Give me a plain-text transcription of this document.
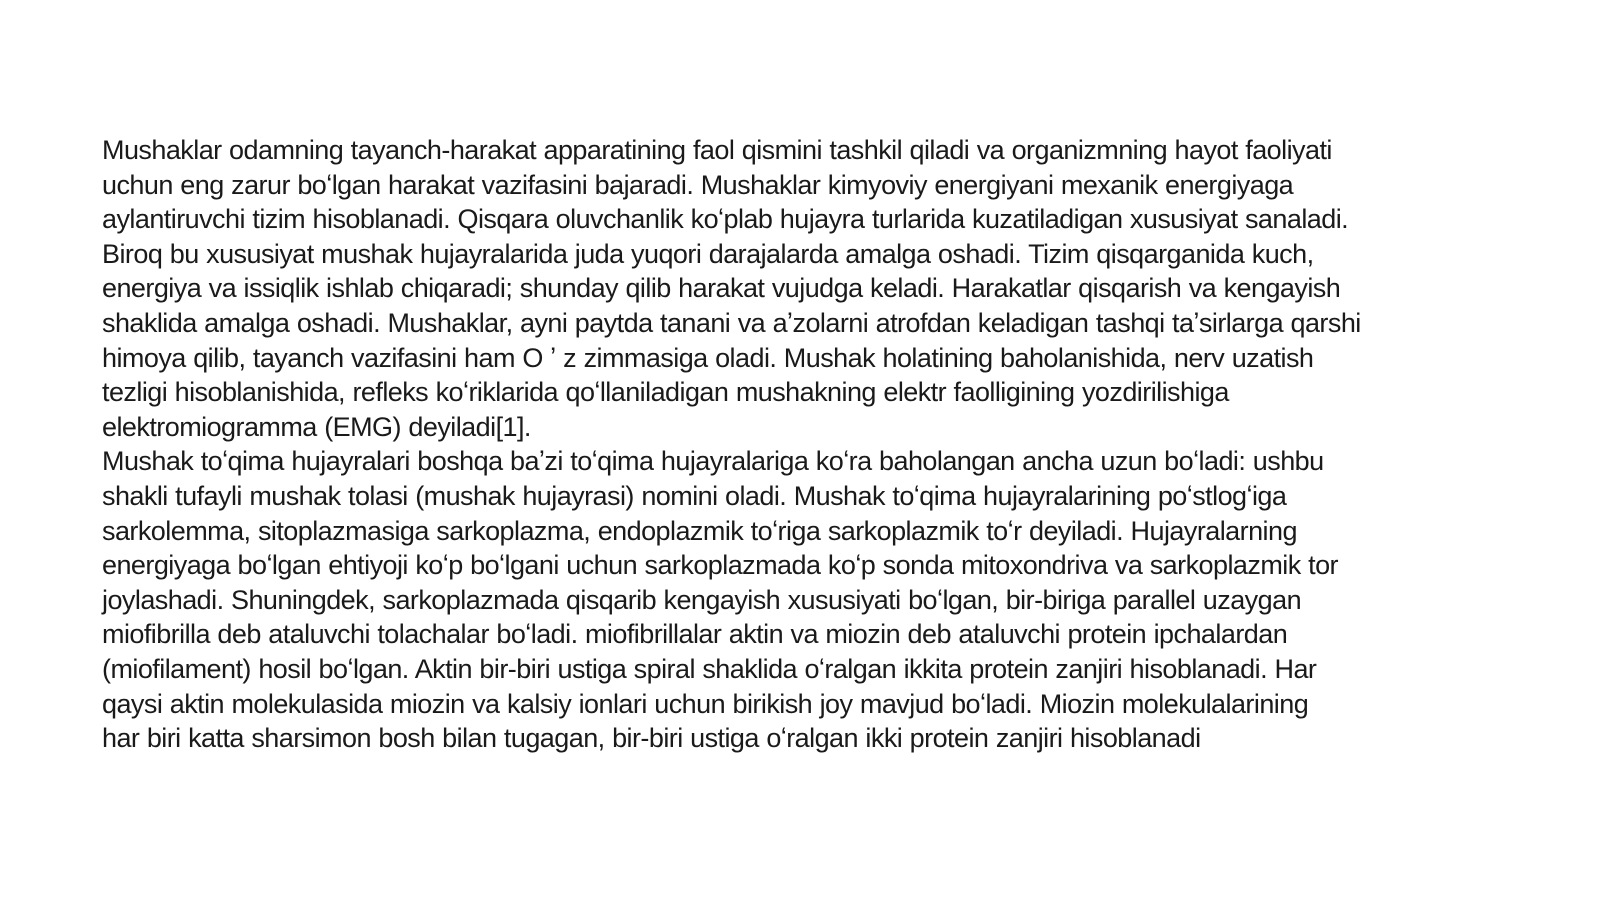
Mushaklar odamning tayanch-harakat apparatining faol qismini tashkil qiladi va organizmning hayot faoliyati
uchun eng zarur boʻlgan harakat vazifasini bajaradi. Mushaklar kimyoviy energiyani mexanik energiyaga
aylantiruvchi tizim hisoblanadi. Qisqara oluvchanlik koʻplab hujayra turlarida kuzatiladigan xususiyat sanaladi.
Biroq bu xususiyat mushak hujayralarida juda yuqori darajalarda amalga oshadi. Tizim qisqarganida kuch,
energiya va issiqlik ishlab chiqaradi; shunday qilib harakat vujudga keladi. Harakatlar qisqarish va kengayish
shaklida amalga oshadi. Mushaklar, ayni paytda tanani va aʼzolarni atrofdan keladigan tashqi taʼsirlarga qarshi
himoya qilib, tayanch vazifasini ham O ʼ z zimmasiga oladi. Mushak holatining baholanishida, nerv uzatish
tezligi hisoblanishida, refleks koʻriklarida qoʻllaniladigan mushakning elektr faolligining yozdirilishiga
elektromiogramma (EMG) deyiladi[1].
Mushak toʻqima hujayralari boshqa baʼzi toʻqima hujayralariga koʻra baholangan ancha uzun boʻladi: ushbu
shakli tufayli mushak tolasi (mushak hujayrasi) nomini oladi. Mushak toʻqima hujayralarining poʻstlogʻiga
sarkolemma, sitoplazmasiga sarkoplazma, endoplazmik toʻriga sarkoplazmik toʻr deyiladi. Hujayralarning
energiyaga boʻlgan ehtiyoji koʻp boʻlgani uchun sarkoplazmada koʻp sonda mitoxondriva va sarkoplazmik tor
joylashadi. Shuningdek, sarkoplazmada qisqarib kengayish xususiyati boʻlgan, bir-biriga parallel uzaygan
miofibrilla deb ataluvchi tolachalar boʻladi. miofibrillalar aktin va miozin deb ataluvchi protein ipchalardan
(miofilament) hosil boʻlgan. Aktin bir-biri ustiga spiral shaklida oʻralgan ikkita protein zanjiri hisoblanadi. Har
qaysi aktin molekulasida miozin va kalsiy ionlari uchun birikish joy mavjud boʻladi. Miozin molekulalarining
har biri katta sharsimon bosh bilan tugagan, bir-biri ustiga oʻralgan ikki protein zanjiri hisoblanadi
